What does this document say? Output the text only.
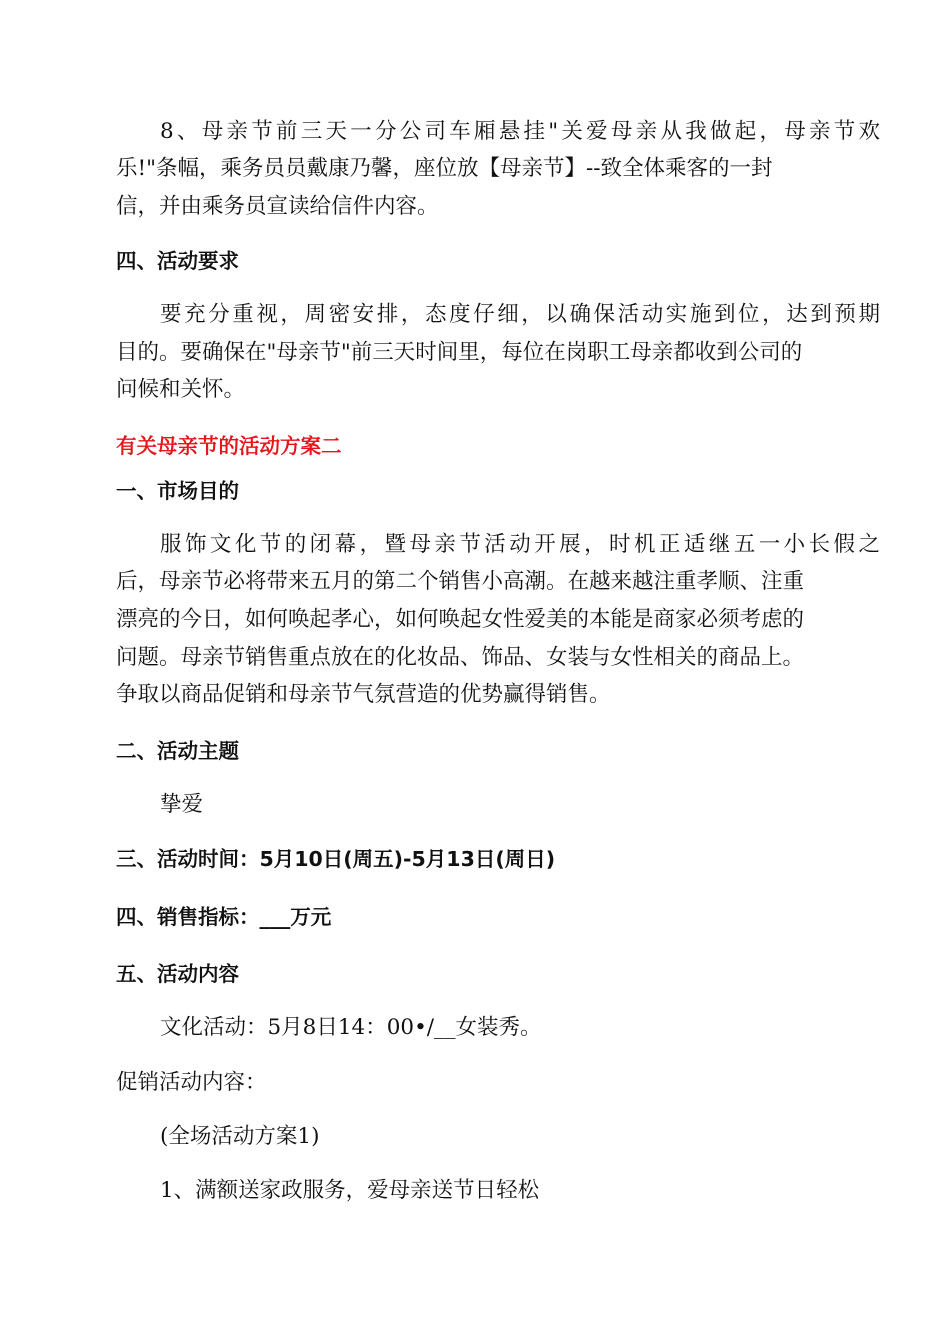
8、母亲节前三天一分公司车厢悬挂"关爱母亲从我做起，母亲节欢
乐!"条幅，乘务员员戴康乃馨，座位放【母亲节】--致全体乘客的一封
信，并由乘务员宣读给信件内容。
四、活动要求
要充分重视，周密安排，态度仔细，以确保活动实施到位，达到预期
目的。要确保在"母亲节"前三天时间里，每位在岗职工母亲都收到公司的
问候和关怀。
有关母亲节的活动方案二
一、市场目的
服饰文化节的闭幕，暨母亲节活动开展，时机正适继五一小长假之
后，母亲节必将带来五月的第二个销售小高潮。在越来越注重孝顺、注重
漂亮的今日，如何唤起孝心，如何唤起女性爱美的本能是商家必须考虑的
问题。母亲节销售重点放在的化妆品、饰品、女装与女性相关的商品上。
争取以商品促销和母亲节气氛营造的优势赢得销售。
二、活动主题
挚爱
三、活动时间：5月10日(周五)-5月13日(周日)
四、销售指标：___万元
五、活动内容
文化活动：5月8日14：00•/__女装秀。
促销活动内容：
(全场活动方案1)
1、满额送家政服务，爱母亲送节日轻松
